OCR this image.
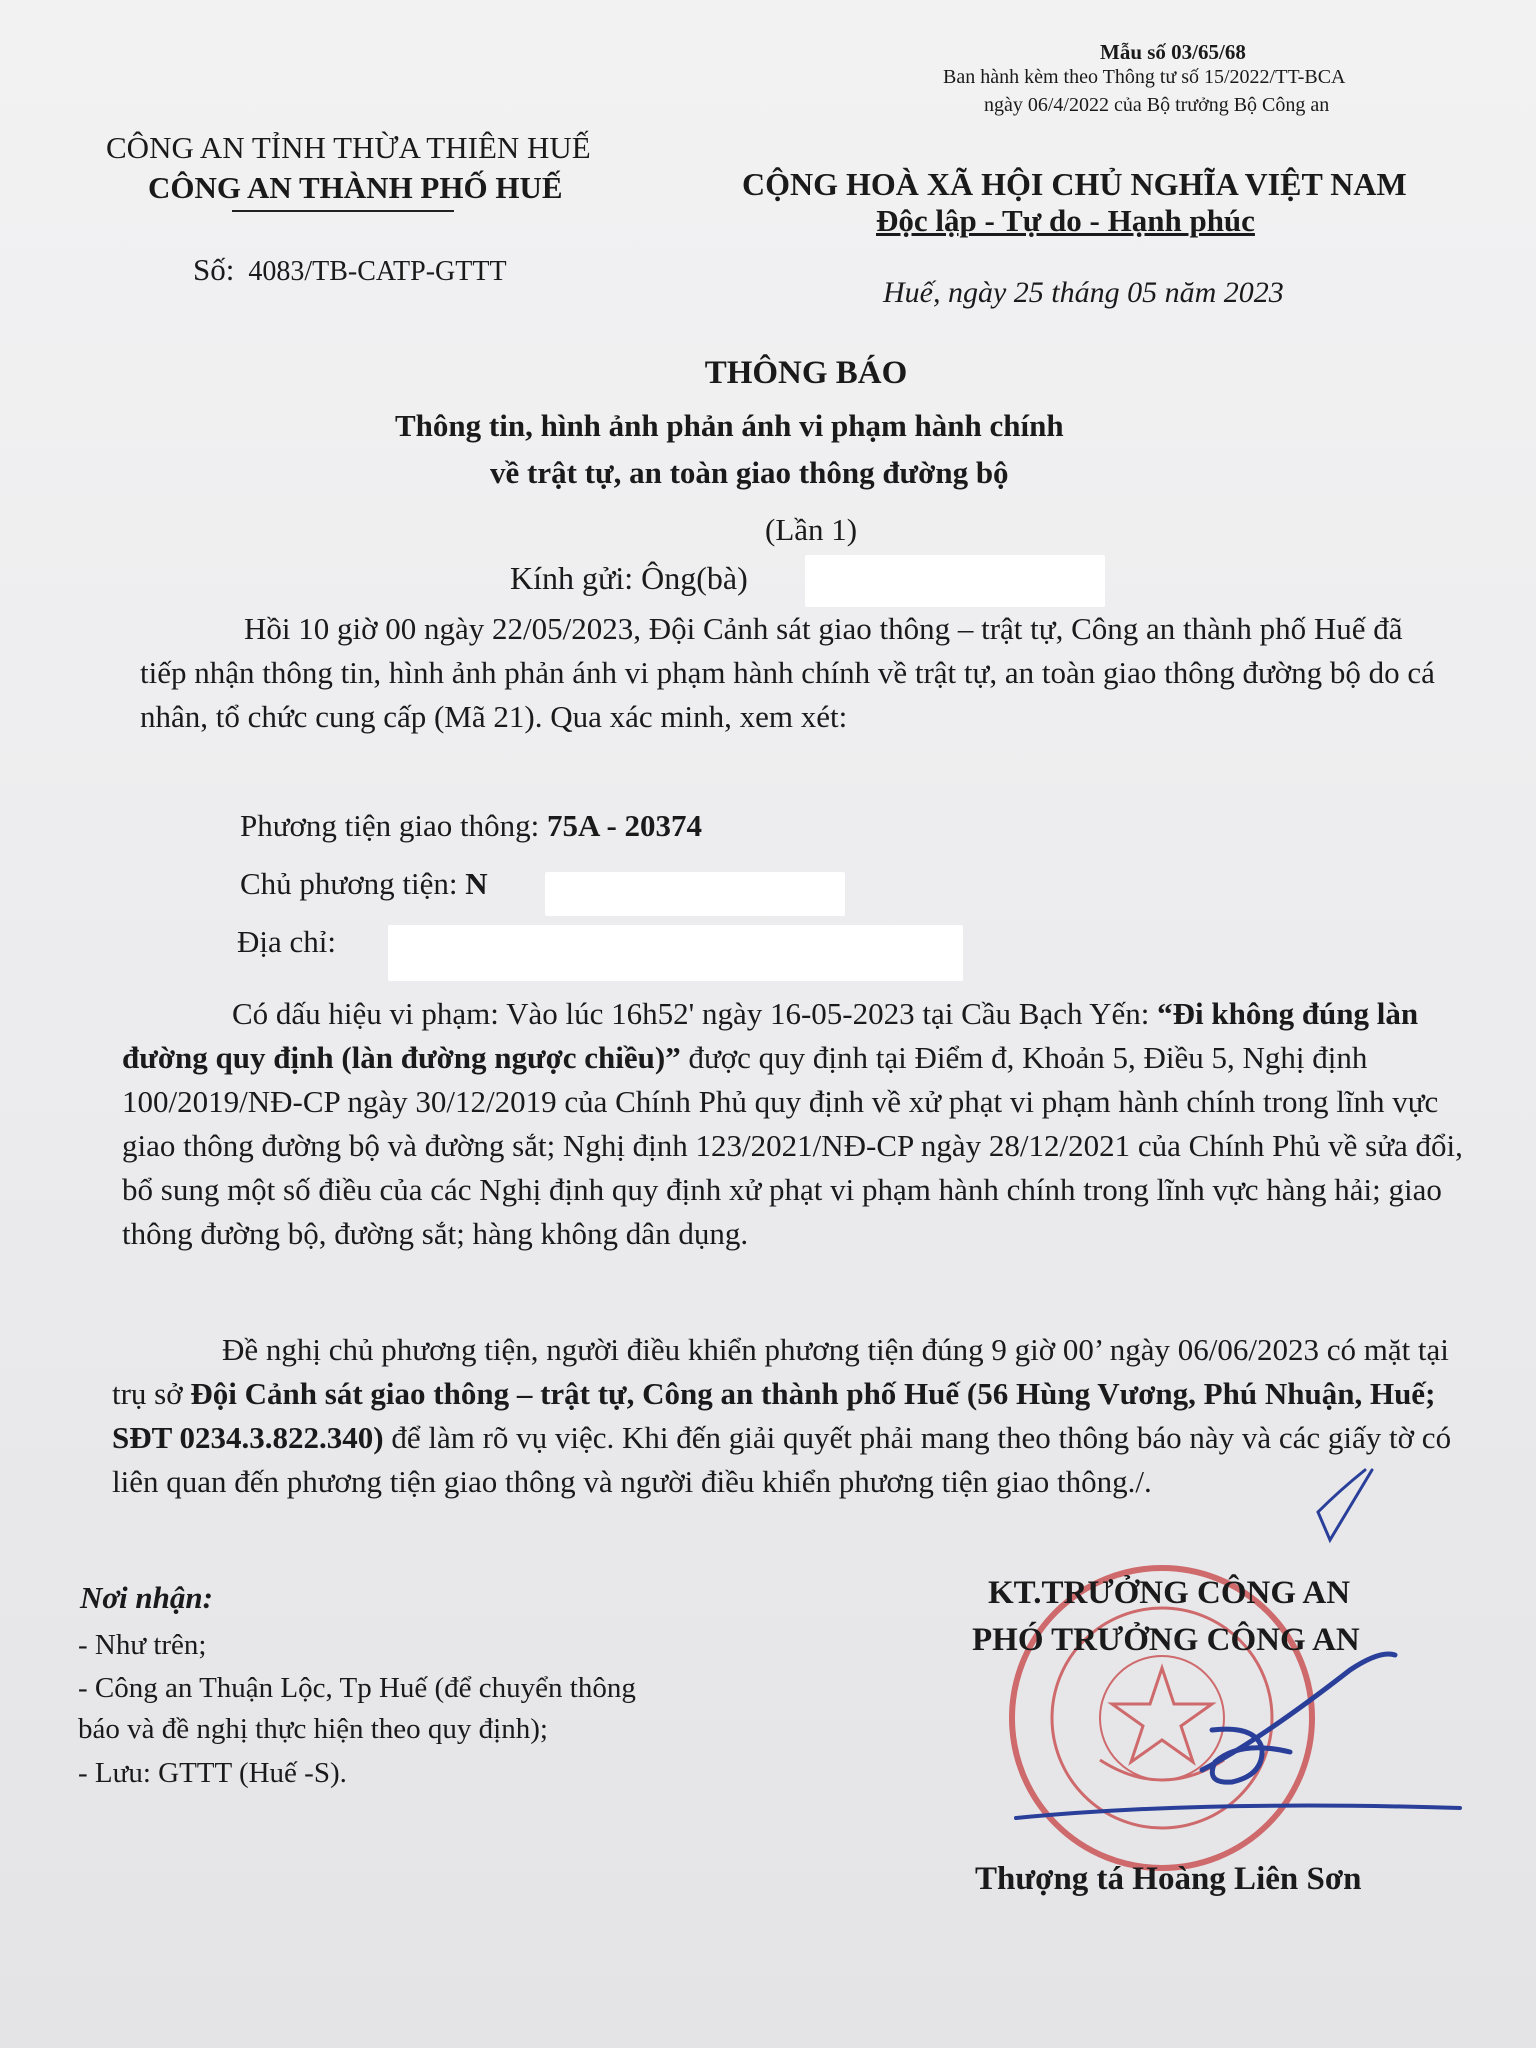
Mẫu số 03/65/68
Ban hành kèm theo Thông tư số 15/2022/TT-BCA
ngày 06/4/2022 của Bộ trưởng Bộ Công an
CÔNG AN TỈNH THỪA THIÊN HUẾ
CÔNG AN THÀNH PHỐ HUẾ
Số: 4083/TB-CATP-GTTT
CỘNG HOÀ XÃ HỘI CHỦ NGHĨA VIỆT NAM
Độc lập - Tự do - Hạnh phúc
Huế, ngày 25 tháng 05 năm 2023
THÔNG BÁO
Thông tin, hình ảnh phản ánh vi phạm hành chính
về trật tự, an toàn giao thông đường bộ
(Lần 1)
Kính gửi: Ông(bà)
Hồi 10 giờ 00 ngày 22/05/2023, Đội Cảnh sát giao thông – trật tự, Công an thành phố Huế đã tiếp nhận thông tin, hình ảnh phản ánh vi phạm hành chính về trật tự, an toàn giao thông đường bộ do cá nhân, tổ chức cung cấp (Mã 21). Qua xác minh, xem xét:
Phương tiện giao thông: 75A - 20374
Chủ phương tiện: N
Địa chỉ:
Có dấu hiệu vi phạm: Vào lúc 16h52' ngày 16-05-2023 tại Cầu Bạch Yến: “Đi không đúng làn đường quy định (làn đường ngược chiều)” được quy định tại Điểm đ, Khoản 5, Điều 5, Nghị định 100/2019/NĐ-CP ngày 30/12/2019 của Chính Phủ quy định về xử phạt vi phạm hành chính trong lĩnh vực giao thông đường bộ và đường sắt; Nghị định 123/2021/NĐ-CP ngày 28/12/2021 của Chính Phủ về sửa đổi, bổ sung một số điều của các Nghị định quy định xử phạt vi phạm hành chính trong lĩnh vực hàng hải; giao thông đường bộ, đường sắt; hàng không dân dụng.
Đề nghị chủ phương tiện, người điều khiển phương tiện đúng 9 giờ 00’ ngày 06/06/2023 có mặt tại trụ sở Đội Cảnh sát giao thông – trật tự, Công an thành phố Huế (56 Hùng Vương, Phú Nhuận, Huế; SĐT 0234.3.822.340) để làm rõ vụ việc. Khi đến giải quyết phải mang theo thông báo này và các giấy tờ có liên quan đến phương tiện giao thông và người điều khiển phương tiện giao thông./.
Nơi nhận:
- Như trên;
- Công an Thuận Lộc, Tp Huế (để chuyển thông
báo và đề nghị thực hiện theo quy định);
- Lưu: GTTT (Huế -S).
KT.TRƯỞNG CÔNG AN
PHÓ TRƯỞNG CÔNG AN
Thượng tá Hoàng Liên Sơn
